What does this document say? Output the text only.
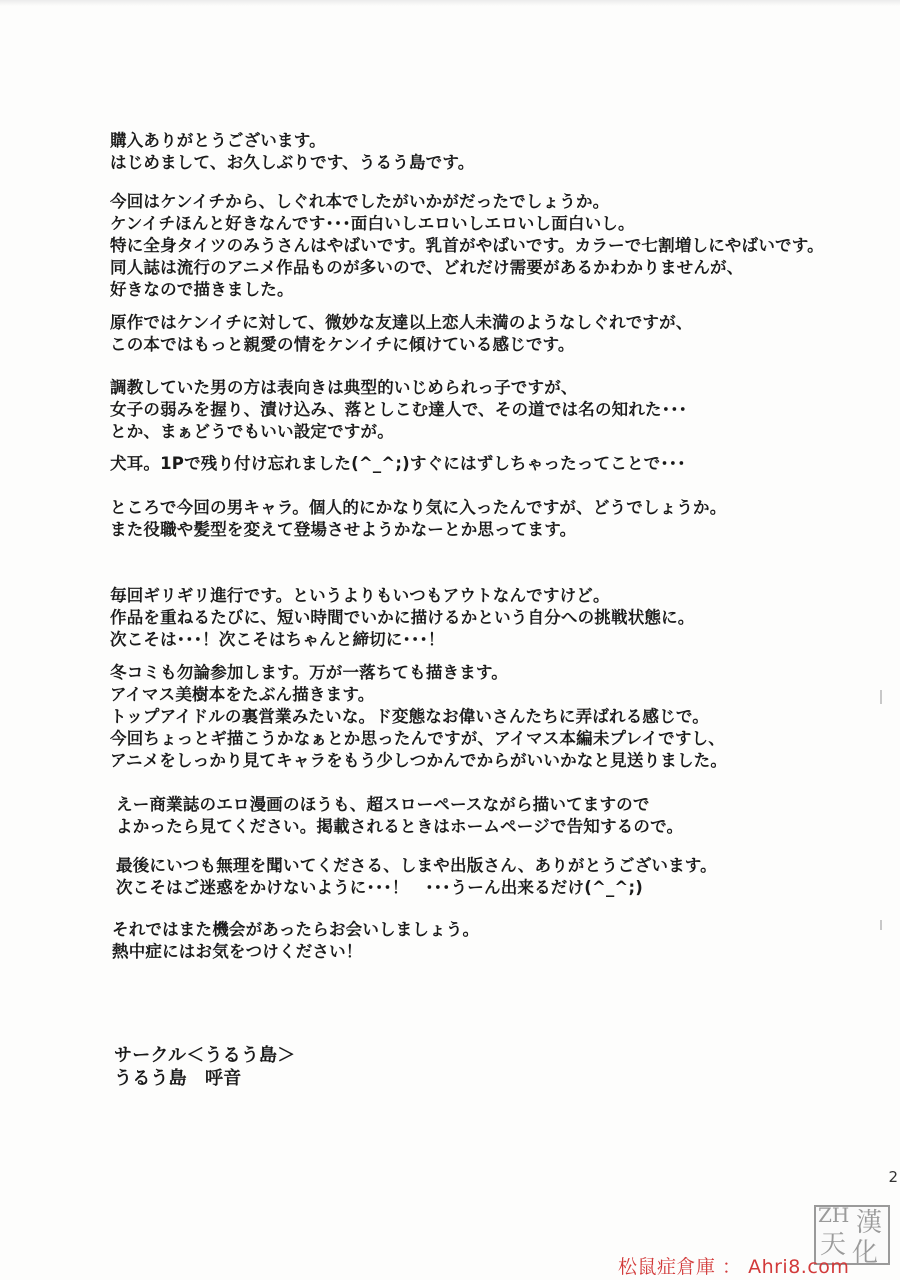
購入ありがとうございます。
はじめまして、お久しぶりです、うるう島です。
今回はケンイチから、しぐれ本でしたがいかがだったでしょうか。
ケンイチほんと好きなんです･･･面白いしエロいしエロいし面白いし。
特に全身タイツのみうさんはやばいです。乳首がやばいです。カラーで七割増しにやばいです。
同人誌は流行のアニメ作品ものが多いので、どれだけ需要があるかわかりませんが、
好きなので描きました。
原作ではケンイチに対して、微妙な友達以上恋人未満のようなしぐれですが、
この本ではもっと親愛の情をケンイチに傾けている感じです。
調教していた男の方は表向きは典型的いじめられっ子ですが、
女子の弱みを握り、漬け込み、落としこむ達人で、その道では名の知れた･･･
とか、まぁどうでもいい設定ですが。
犬耳。1Pで残り付け忘れました(^_^;)すぐにはずしちゃったってことで･･･
ところで今回の男キャラ。個人的にかなり気に入ったんですが、どうでしょうか。
また役職や髪型を変えて登場させようかなーとか思ってます。
毎回ギリギリ進行です。というよりもいつもアウトなんですけど。
作品を重ねるたびに、短い時間でいかに描けるかという自分への挑戦状態に。
次こそは･･･！次こそはちゃんと締切に･･･！
冬コミも勿論参加します。万が一落ちても描きます。
アイマス美樹本をたぶん描きます。
トップアイドルの裏営業みたいな。ド変態なお偉いさんたちに弄ばれる感じで。
今回ちょっとギ描こうかなぁとか思ったんですが、アイマス本編未プレイですし、
アニメをしっかり見てキャラをもう少しつかんでからがいいかなと見送りました。
えー商業誌のエロ漫画のほうも、超スローペースながら描いてますので
よかったら見てください。掲載されるときはホームページで告知するので。
最後にいつも無理を聞いてくださる、しまや出版さん、ありがとうございます。
次こそはご迷惑をかけないように･･･！　･･･うーん出来るだけ(^_^;)
それではまた機会があったらお会いしましょう。
熱中症にはお気をつけください！
サークル＜うるう島＞
うるう島　呼音
2
天
漢
化
ZH
松鼠症倉庫 ： Ahri8.com
